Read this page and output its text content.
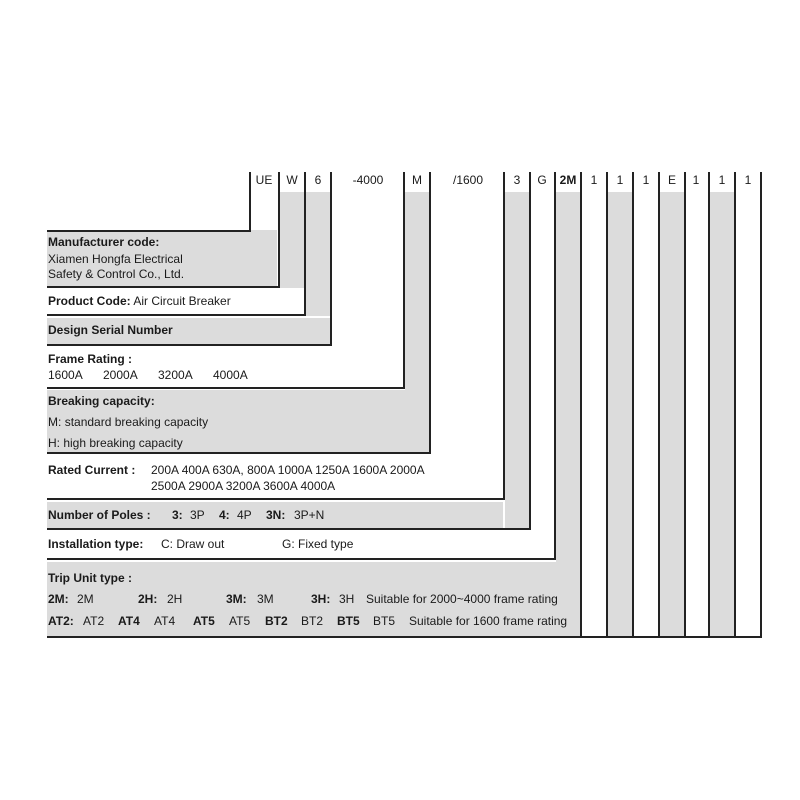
UE	W	6	-4000	M	/1600	3	G	2M	1	1	1	E	1	1	1
Manufacturer code:
Xiamen Hongfa Electrical
Safety & Control Co., Ltd.
Product Code: Air Circuit Breaker
Design Serial Number
Frame Rating :
1600A 2000A 3200A 4000A
Breaking capacity:
M: standard breaking capacity
H: high breaking capacity
Rated Current : 200A 400A 630A, 800A 1000A 1250A 1600A 2000A
2500A 2900A 3200A 3600A 4000A
Number of Poles : 3: 3P 4: 4P 3N: 3P+N
Installation type: C: Draw out	G: Fixed type
Trip Unit type :
2M: 2M	2H: 2H	3M: 3M	3H: 3H Suitable for 2000~4000 frame rating
AT2: AT2 AT4 AT4 AT5 AT5 BT2 BT2 BT5 BT5 Suitable for 1600 frame rating
